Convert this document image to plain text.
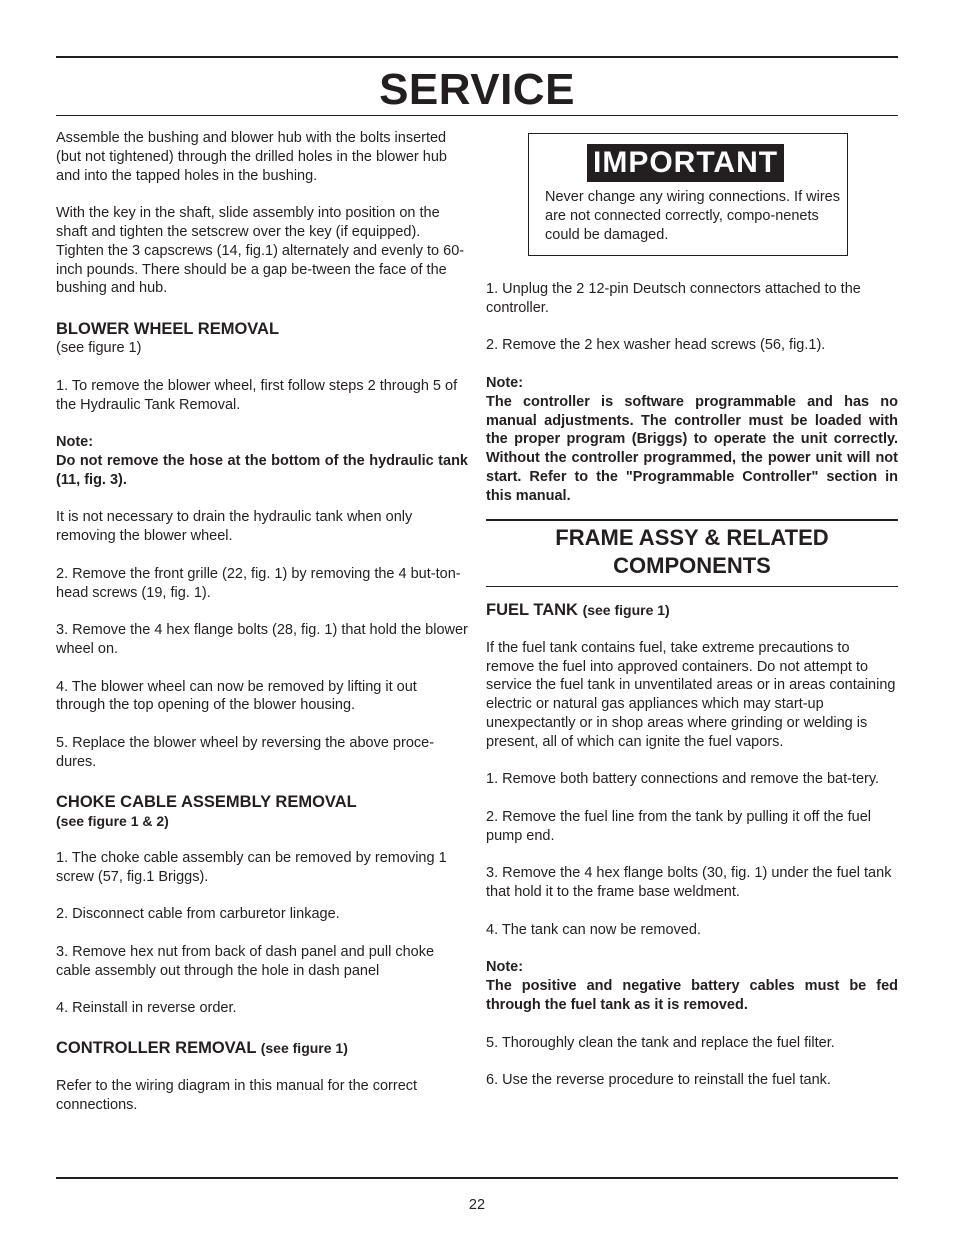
SERVICE

Assemble the bushing and blower hub with the bolts inserted (but not tightened) through the drilled holes in the blower hub and into the tapped holes in the bushing.

With the key in the shaft, slide assembly into position on the shaft and tighten the setscrew over the key (if equipped). Tighten the 3 capscrews (14, fig.1) alternately and evenly to 60-inch pounds. There should be a gap be-tween the face of the bushing and hub.

BLOWER WHEEL REMOVAL

(see figure 1)

1. To remove the blower wheel, first follow steps 2 through 5 of the Hydraulic Tank Removal.

Note:

Do not remove the hose at the bottom of the hydraulic tank (11, fig. 3).

It is not necessary to drain the hydraulic tank when only removing the blower wheel.

2. Remove the front grille (22, fig. 1) by removing the 4 but-ton-head screws (19, fig. 1).

3. Remove the 4 hex flange bolts (28, fig. 1) that hold the blower wheel on.

4. The blower wheel can now be removed by lifting it out through the top opening of the blower housing.

5. Replace the blower wheel by reversing the above proce-dures.

CHOKE CABLE ASSEMBLY REMOVAL

(see figure 1 & 2)

1. The choke cable assembly can be removed by removing 1 screw (57, fig.1 Briggs).

2. Disconnect cable from carburetor linkage.

3. Remove hex nut from back of dash panel and pull choke cable assembly out through the hole in dash panel

4. Reinstall in reverse order.

CONTROLLER REMOVAL (see figure 1)

Refer to the wiring diagram in this manual for the correct connections.

IMPORTANT
Never change any wiring connections. If wires are not connected correctly, compo-nenets could be damaged.

1. Unplug the 2 12-pin Deutsch connectors attached to the controller.

2. Remove the 2 hex washer head screws (56, fig.1).

Note:

The controller is software programmable and has no manual adjustments. The controller must be loaded with the proper program (Briggs) to operate the unit correctly. Without the controller programmed, the power unit will not start. Refer to the "Programmable Controller" section in this manual.

FRAME ASSY & RELATED
COMPONENTS
FUEL TANK (see figure 1)

If the fuel tank contains fuel, take extreme precautions to remove the fuel into approved containers. Do not attempt to service the fuel tank in unventilated areas or in areas containing electric or natural gas appliances which may start-up unexpectantly or in shop areas where grinding or welding is present, all of which can ignite the fuel vapors.

1. Remove both battery connections and remove the bat-tery.

2. Remove the fuel line from the tank by pulling it off the fuel pump end.

3. Remove the 4 hex flange bolts (30, fig. 1) under the fuel tank that hold it to the frame base weldment.

4. The tank can now be removed.

Note:

The positive and negative battery cables must be fed through the fuel tank as it is removed.

5. Thoroughly clean the tank and replace the fuel filter.

6. Use the reverse procedure to reinstall the fuel tank.

22
